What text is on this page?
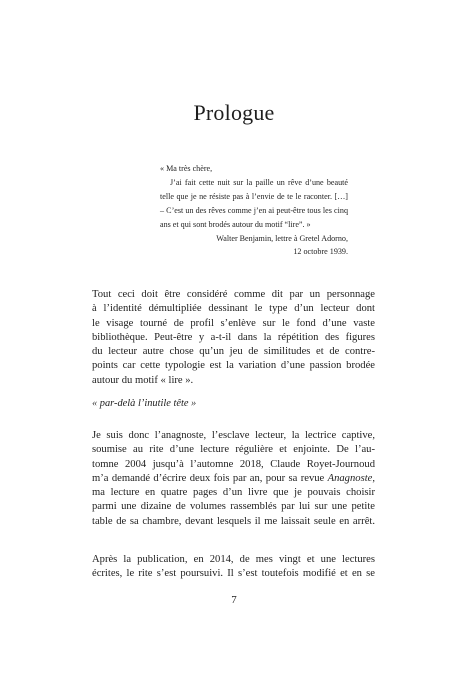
Prologue
« Ma très chère,
J’ai fait cette nuit sur la paille un rêve d’une beauté
telle que je ne résiste pas à l’envie de te le raconter. […]
– C’est un des rêves comme j’en ai peut-être tous les cinq
ans et qui sont brodés autour du motif “lire”. »
Walter Benjamin, lettre à Gretel Adorno,
12 octobre 1939.
Tout ceci doit être considéré comme dit par un personnage
à l’identité démultipliée dessinant le type d’un lecteur dont
le visage tourné de profil s’enlève sur le fond d’une vaste
bibliothèque. Peut-être y a-t-il dans la répétition des figures
du lecteur autre chose qu’un jeu de similitudes et de contre-
points car cette typologie est la variation d’une passion brodée
autour du motif « lire ».
« par-delà l’inutile tête »
Je suis donc l’anagnoste, l’esclave lecteur, la lectrice captive,
soumise au rite d’une lecture régulière et enjointe. De l’au-
tomne 2004 jusqu’à l’automne 2018, Claude Royet-Journoud
m’a demandé d’écrire deux fois par an, pour sa revue Anagnoste,
ma lecture en quatre pages d’un livre que je pouvais choisir
parmi une dizaine de volumes rassemblés par lui sur une petite
table de sa chambre, devant lesquels il me laissait seule en arrêt.
Après la publication, en 2014, de mes vingt et une lectures
écrites, le rite s’est poursuivi. Il s’est toutefois modifié et en se
7
